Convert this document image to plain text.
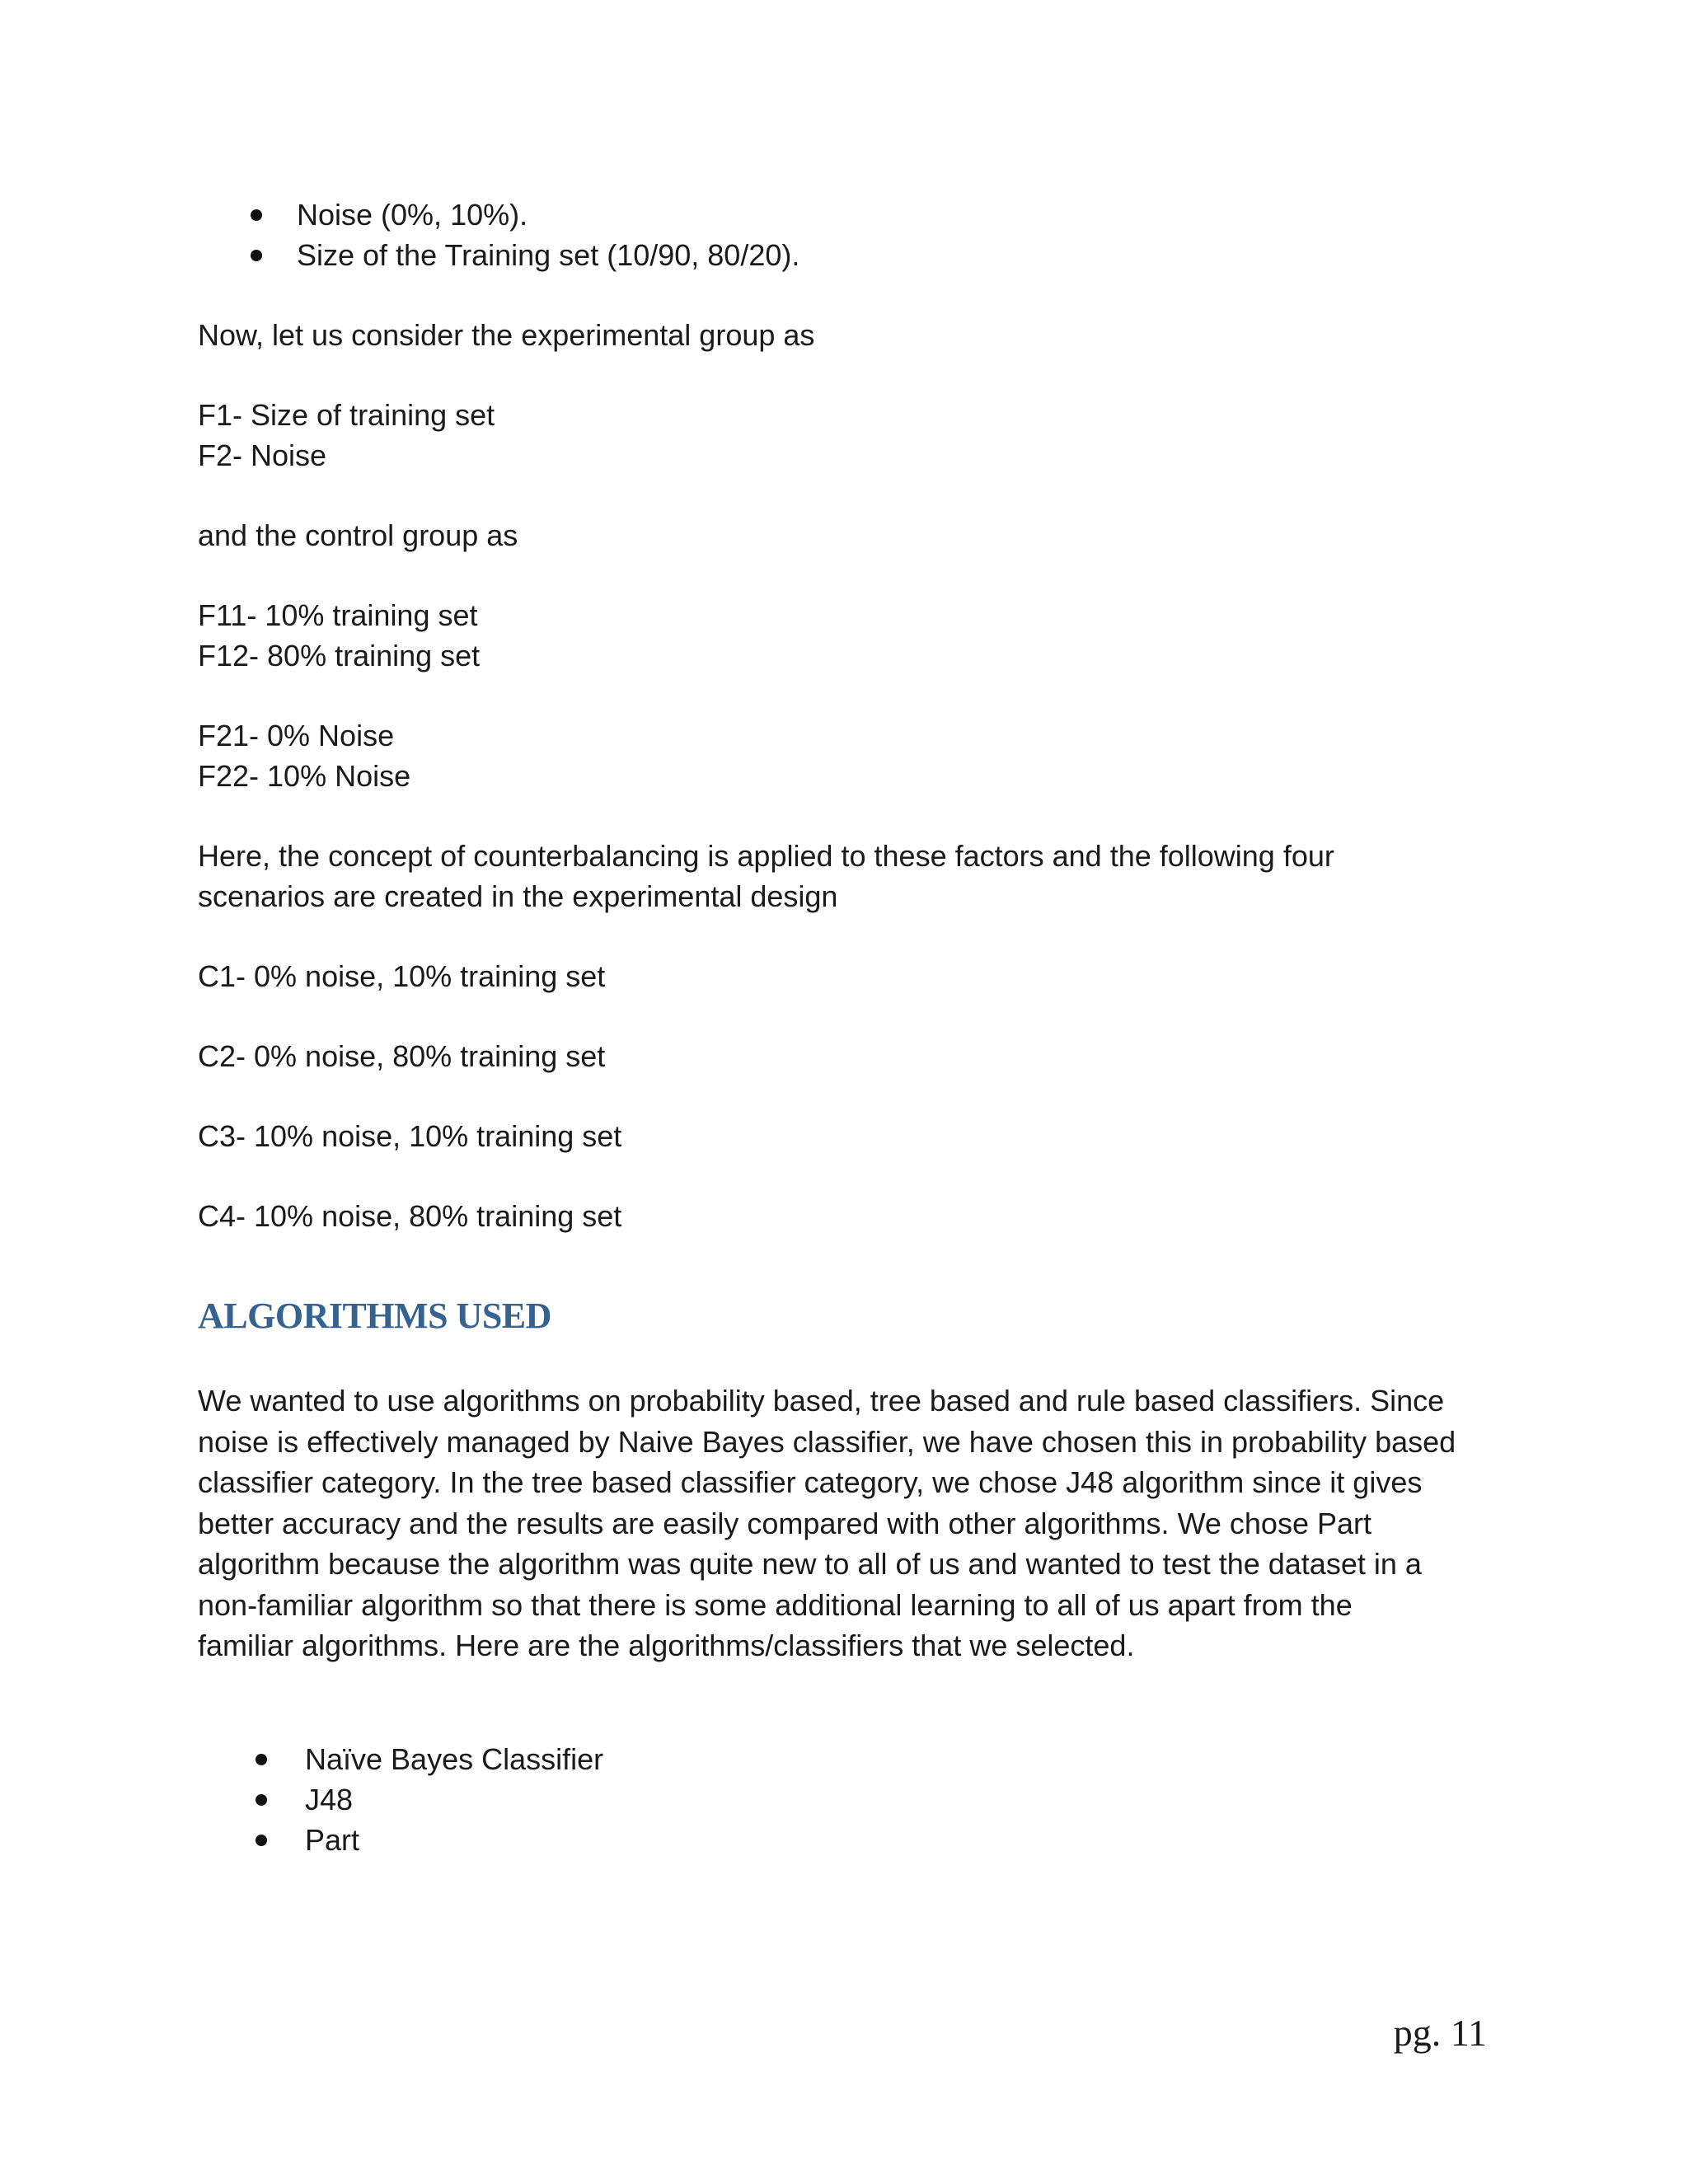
Noise (0%, 10%).
Size of the Training set (10/90, 80/20).

Now, let us consider the experimental group as

F1- Size of training set

F2- Noise

and the control group as

F11- 10% training set

F12- 80% training set

F21- 0% Noise

F22- 10% Noise

Here, the concept of counterbalancing is applied to these factors and the following four

scenarios are created in the experimental design

C1- 0% noise, 10% training set

C2- 0% noise, 80% training set

C3- 10% noise, 10% training set

C4- 10% noise, 80% training set

ALGORITHMS USED

We wanted to use algorithms on probability based, tree based and rule based classifiers. Since

noise is effectively managed by Naive Bayes classifier, we have chosen this in probability based

classifier category. In the tree based classifier category, we chose J48 algorithm since it gives

better accuracy and the results are easily compared with other algorithms. We chose Part

algorithm because the algorithm was quite new to all of us and wanted to test the dataset in a

non-familiar algorithm so that there is some additional learning to all of us apart from the

familiar algorithms. Here are the algorithms/classifiers that we selected.

Naïve Bayes Classifier
J48
Part
pg. 11
